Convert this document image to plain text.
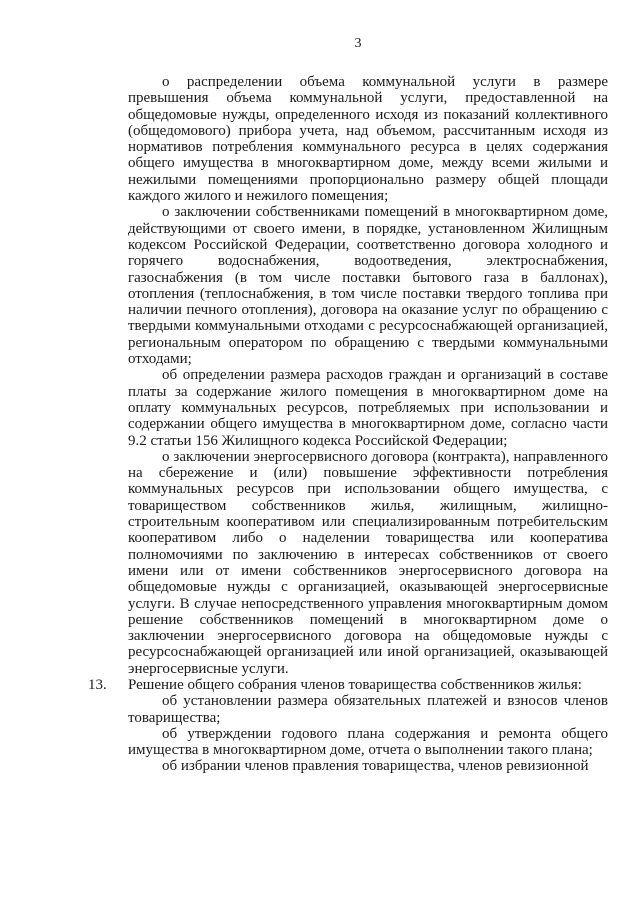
3

о распределении объема коммунальной услуги в размере превышения объема коммунальной услуги, предоставленной на общедомовые нужды, определенного исходя из показаний коллективного (общедомового) прибора учета, над объемом, рассчитанным исходя из нормативов потребления коммунального ресурса в целях содержания общего имущества в многоквартирном доме, между всеми жилыми и нежилыми помещениями пропорционально размеру общей площади каждого жилого и нежилого помещения;

о заключении собственниками помещений в многоквартирном доме, действующими от своего имени, в порядке, установленном Жилищным кодексом Российской Федерации, соответственно договора холодного и горячего водоснабжения, водоотведения, электроснабжения, газоснабжения (в том числе поставки бытового газа в баллонах), отопления (теплоснабжения, в том числе поставки твердого топлива при наличии печного отопления), договора на оказание услуг по обращению с твердыми коммунальными отходами с ресурсоснабжающей организацией, региональным оператором по обращению с твердыми коммунальными отходами;

об определении размера расходов граждан и организаций в составе платы за содержание жилого помещения в многоквартирном доме на оплату коммунальных ресурсов, потребляемых при использовании и содержании общего имущества в многоквартирном доме, согласно части 9.2 статьи 156 Жилищного кодекса Российской Федерации;

о заключении энергосервисного договора (контракта), направленного на сбережение и (или) повышение эффективности потребления коммунальных ресурсов при использовании общего имущества, с товариществом собственников жилья, жилищным, жилищно-строительным кооперативом или специализированным потребительским кооперативом либо о наделении товарищества или кооператива полномочиями по заключению в интересах собственников от своего имени или от имени собственников энергосервисного договора на общедомовые нужды с организацией, оказывающей энергосервисные услуги. В случае непосредственного управления многоквартирным домом решение собственников помещений в многоквартирном доме о заключении энергосервисного договора на общедомовые нужды с ресурсоснабжающей организацией или иной организацией, оказывающей энергосервисные услуги.

13. Решение общего собрания членов товарищества собственников жилья:

об установлении размера обязательных платежей и взносов членов товарищества;

об утверждении годового плана содержания и ремонта общего имущества в многоквартирном доме, отчета о выполнении такого плана;

об избрании членов правления товарищества, членов ревизионной
